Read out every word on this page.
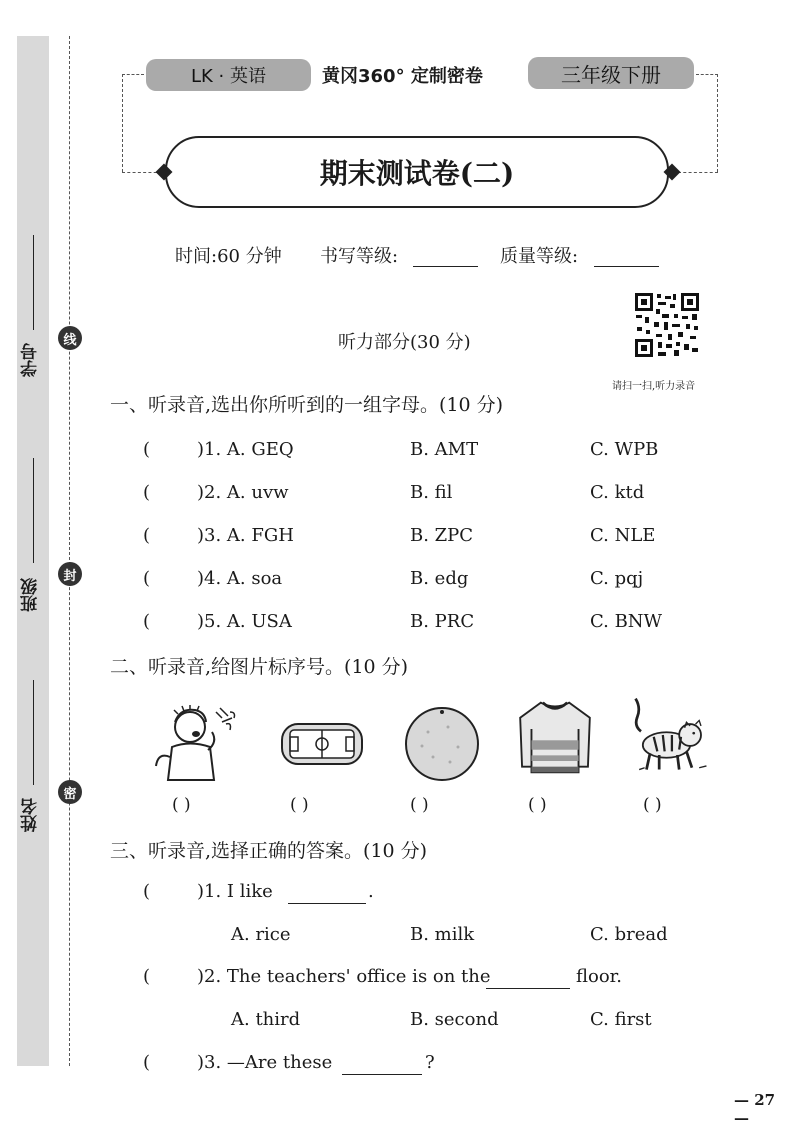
学号
班级
姓名
线
封
密
LK · 英语	黄冈360° 定制密卷	三年级下册
期末测试卷(二)
时间:60 分钟 书写等级:	质量等级:
请扫一扫,听力录音
听力部分(30 分)
一、听录音,选出你所听到的一组字母。(10 分)
(	)1. A. GEQ	B. AMT	C. WPB
(	)2. A. uvw	B. fil	C. ktd
(	)3. A. FGH	B. ZPC	C. NLE
(	)4. A. soa	B. edg	C. pqj
(	)5. A. USA	B. PRC	C. BNW
二、听录音,给图片标序号。(10 分)
( )	( )	( )	( )	( )
三、听录音,选择正确的答案。(10 分)
(	)1. I like	.
A. rice	B. milk	C. bread
(	)2. The teachers' office is on the	floor.
A. third	B. second	C. first
(	)3. —Are these	?
— 27 —
